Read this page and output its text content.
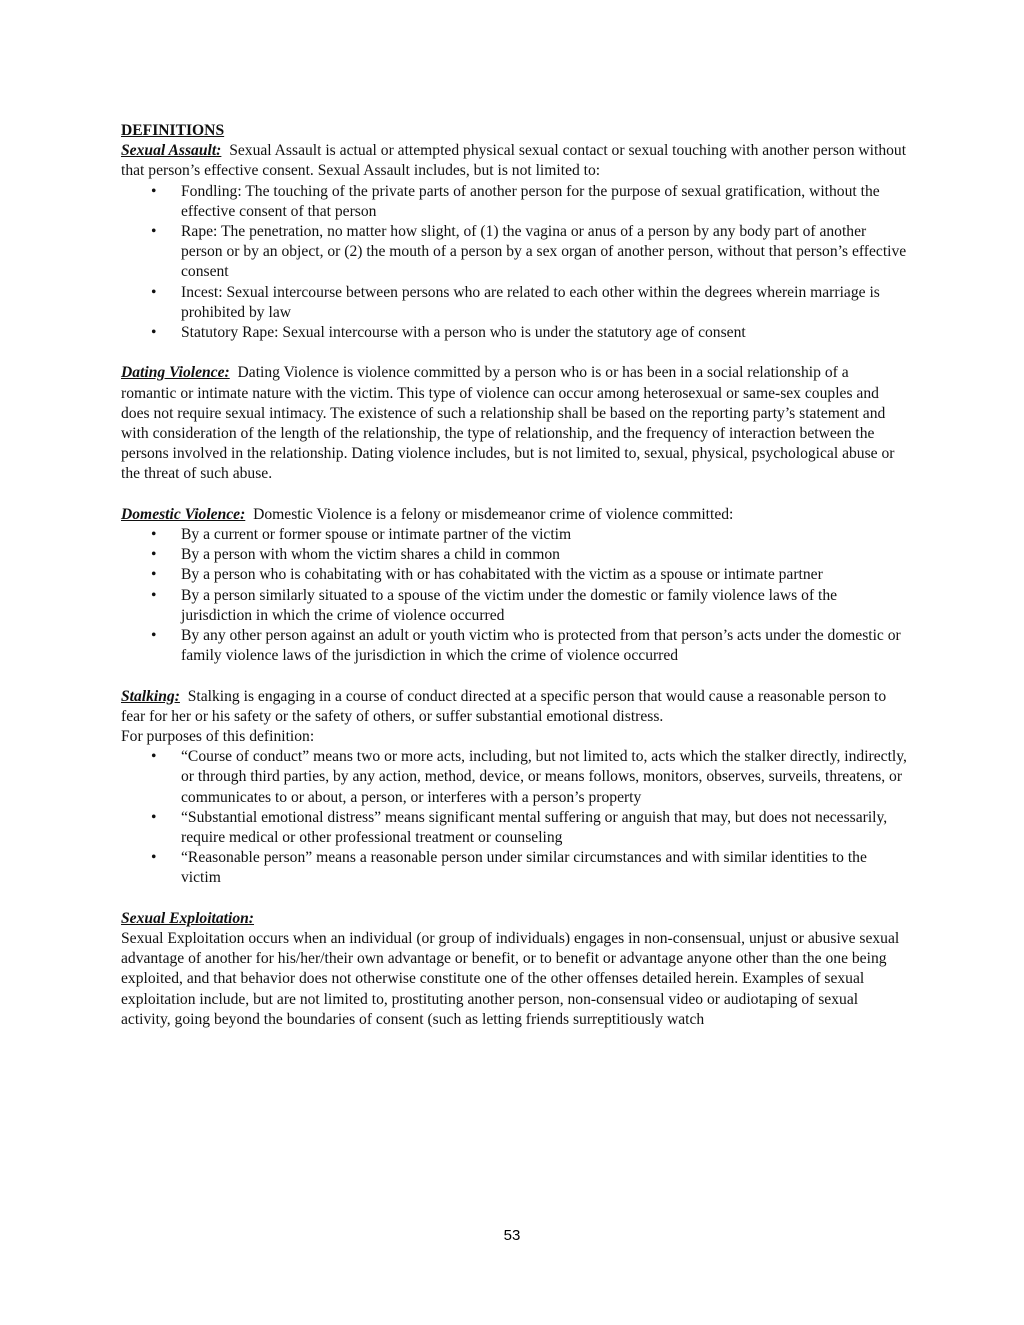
DEFINITIONS

Sexual Assault: Sexual Assault is actual or attempted physical sexual contact or sexual touching with another person without that person’s effective consent. Sexual Assault includes, but is not limited to:

• Fondling: The touching of the private parts of another person for the purpose of sexual gratification, without the effective consent of that person
• Rape: The penetration, no matter how slight, of (1) the vagina or anus of a person by any body part of another person or by an object, or (2) the mouth of a person by a sex organ of another person, without that person’s effective consent
• Incest: Sexual intercourse between persons who are related to each other within the degrees wherein marriage is prohibited by law
• Statutory Rape: Sexual intercourse with a person who is under the statutory age of consent

Dating Violence: Dating Violence is violence committed by a person who is or has been in a social relationship of a romantic or intimate nature with the victim. This type of violence can occur among heterosexual or same-sex couples and does not require sexual intimacy. The existence of such a relationship shall be based on the reporting party’s statement and with consideration of the length of the relationship, the type of relationship, and the frequency of interaction between the persons involved in the relationship. Dating violence includes, but is not limited to, sexual, physical, psychological abuse or the threat of such abuse.

Domestic Violence: Domestic Violence is a felony or misdemeanor crime of violence committed:

• By a current or former spouse or intimate partner of the victim
• By a person with whom the victim shares a child in common
• By a person who is cohabitating with or has cohabitated with the victim as a spouse or intimate partner
• By a person similarly situated to a spouse of the victim under the domestic or family violence laws of the jurisdiction in which the crime of violence occurred
• By any other person against an adult or youth victim who is protected from that person’s acts under the domestic or family violence laws of the jurisdiction in which the crime of violence occurred

Stalking: Stalking is engaging in a course of conduct directed at a specific person that would cause a reasonable person to fear for her or his safety or the safety of others, or suffer substantial emotional distress.

For purposes of this definition:

• “Course of conduct” means two or more acts, including, but not limited to, acts which the stalker directly, indirectly, or through third parties, by any action, method, device, or means follows, monitors, observes, surveils, threatens, or communicates to or about, a person, or interferes with a person’s property
• “Substantial emotional distress” means significant mental suffering or anguish that may, but does not necessarily, require medical or other professional treatment or counseling
• “Reasonable person” means a reasonable person under similar circumstances and with similar identities to the victim

Sexual Exploitation:

Sexual Exploitation occurs when an individual (or group of individuals) engages in non-consensual, unjust or abusive sexual advantage of another for his/her/their own advantage or benefit, or to benefit or advantage anyone other than the one being exploited, and that behavior does not otherwise constitute one of the other offenses detailed herein. Examples of sexual exploitation include, but are not limited to, prostituting another person, non-consensual video or audiotaping of sexual activity, going beyond the boundaries of consent (such as letting friends surreptitiously watch

53
